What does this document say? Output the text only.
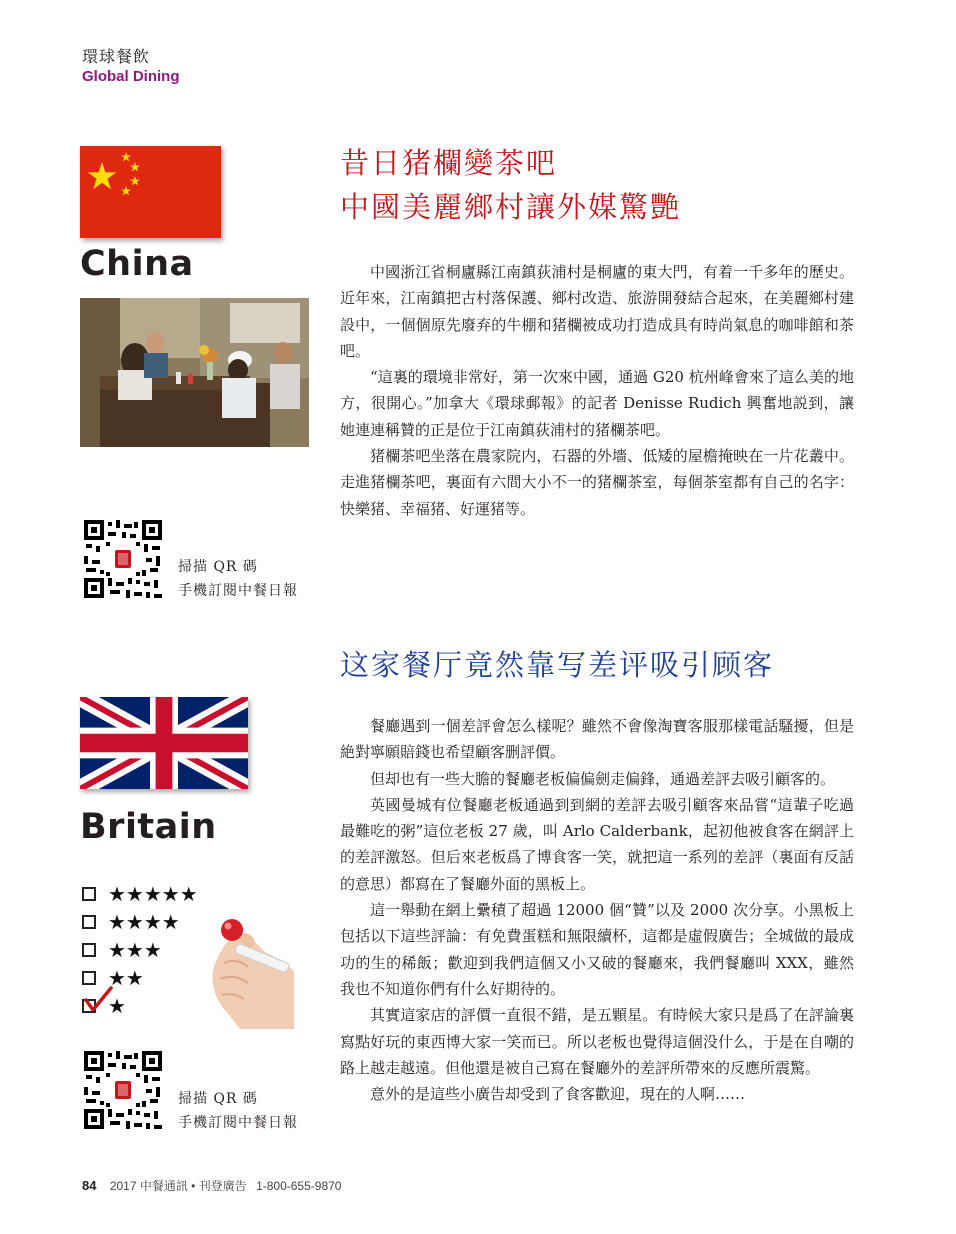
環球餐飲
Global Dining
China
昔日猪欄變茶吧
中國美麗鄉村讓外媒驚艷

中國浙江省桐廬縣江南鎮荻浦村是桐廬的東大門，有着一千多年的歷史。近年來，江南鎮把古村落保護、鄉村改造、旅游開發結合起來，在美麗鄉村建設中，一個個原先廢弃的牛棚和猪欄被成功打造成具有時尚氣息的咖啡館和茶吧。

“這裏的環境非常好，第一次來中國，通過 G20 杭州峰會來了這么美的地方，很開心。”加拿大《環球郵報》的記者 Denisse Rudich 興奮地説到，讓她連連稱贊的正是位于江南鎮荻浦村的猪欄茶吧。

猪欄茶吧坐落在農家院内，石器的外墻、低矮的屋檐掩映在一片花叢中。走進猪欄茶吧，裏面有六間大小不一的猪欄茶室，每個茶室都有自己的名字：快樂猪、幸福猪、好運猪等。

掃描 QR 碼
手機訂閱中餐日報
这家餐厅竟然靠写差评吸引顾客
Britain

餐廳遇到一個差評會怎么樣呢？雖然不會像淘寶客服那樣電話騷擾，但是絶對寧願賠錢也希望顧客删評價。

但却也有一些大膽的餐廳老板偏偏劍走偏鋒，通過差評去吸引顧客的。

英國曼城有位餐廳老板通過到到網的差評去吸引顧客來品嘗“這輩子吃過最難吃的粥”這位老板 27 歲，叫 Arlo Calderbank，起初他被食客在網評上的差評激怒。但后來老板爲了博食客一笑，就把這一系列的差評（裏面有反話的意思）都寫在了餐廳外面的黑板上。

這一舉動在網上纍積了超過 12000 個“贊”以及 2000 次分享。小黑板上包括以下這些評論：有免費蛋糕和無限續杯，這都是虛假廣告；全城做的最成功的生的稀飯；歡迎到我們這個又小又破的餐廳來，我們餐廳叫 XXX，雖然我也不知道你們有什么好期待的。

其實這家店的評價一直很不錯，是五顆星。有時候大家只是爲了在評論裏寫點好玩的東西博大家一笑而已。所以老板也覺得這個没什么，于是在自嘲的路上越走越遠。但他還是被自己寫在餐廳外的差評所帶來的反應所震驚。

意外的是這些小廣告却受到了食客歡迎，現在的人啊……

★★★★★
★★★★
★★★
★★
★
掃描 QR 碼
手機訂閱中餐日報
84 2017 中餐通訊 • 刊登廣告 1-800-655-9870
